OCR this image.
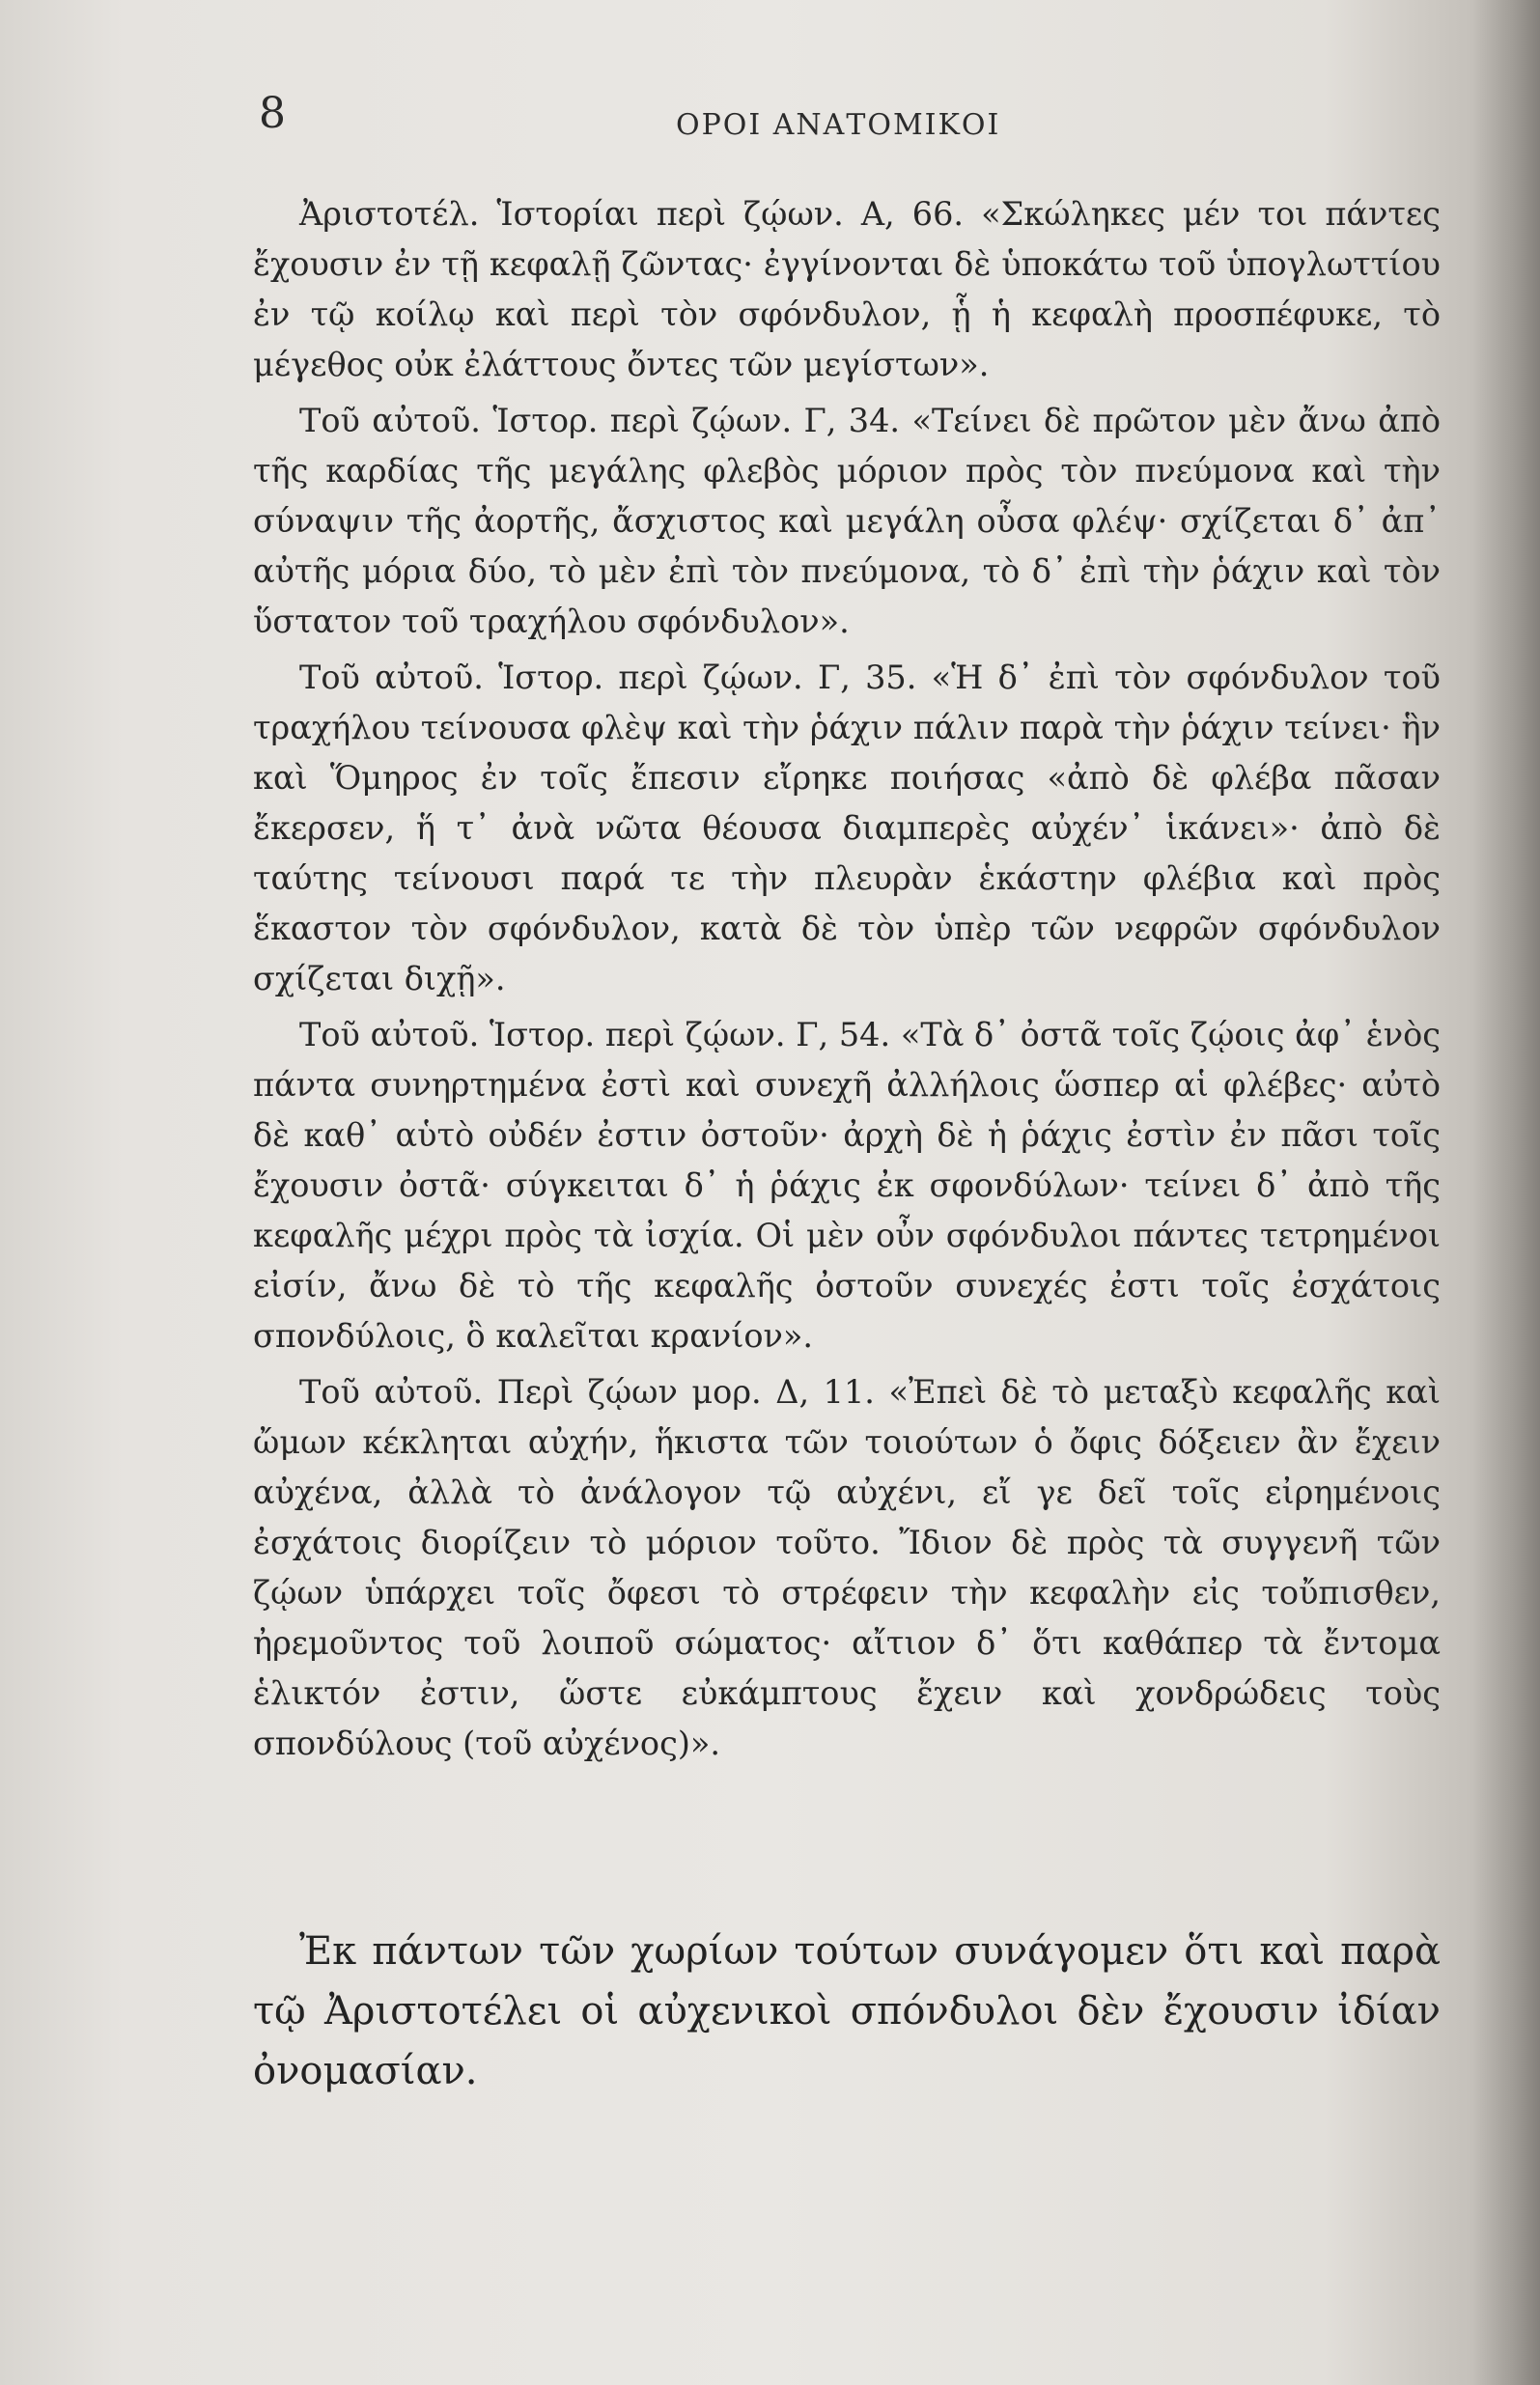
8	ΟΡΟΙ ΑΝΑΤΟΜΙΚΟΙ

Ἀριστοτέλ. Ἱστορίαι περὶ ζῴων. Α, 66. «Σκώληκες μέν τοι πάντες ἔχουσιν ἐν τῇ κεφαλῇ ζῶντας· ἐγγίνονται δὲ ὑποκάτω τοῦ ὑπογλωττίου ἐν τῷ κοίλῳ καὶ περὶ τὸν σφόνδυλον, ᾗ ἡ κεφαλὴ προσπέφυκε, τὸ μέγεθος οὐκ ἐλάττους ὄντες τῶν μεγίστων».

Τοῦ αὐτοῦ. Ἱστορ. περὶ ζῴων. Γ, 34. «Τείνει δὲ πρῶτον μὲν ἄνω ἀπὸ τῆς καρδίας τῆς μεγάλης φλεβὸς μόριον πρὸς τὸν πνεύμονα καὶ τὴν σύναψιν τῆς ἀορτῆς, ἄσχιστος καὶ μεγάλη οὖσα φλέψ· σχίζεται δ᾽ ἀπ᾽ αὐτῆς μόρια δύο, τὸ μὲν ἐπὶ τὸν πνεύμονα, τὸ δ᾽ ἐπὶ τὴν ῥάχιν καὶ τὸν ὕστατον τοῦ τραχήλου σφόνδυλον».

Τοῦ αὐτοῦ. Ἱστορ. περὶ ζῴων. Γ, 35. «Ἡ δ᾽ ἐπὶ τὸν σφόνδυλον τοῦ τραχήλου τείνουσα φλὲψ καὶ τὴν ῥάχιν πάλιν παρὰ τὴν ῥάχιν τείνει· ἣν καὶ Ὅμηρος ἐν τοῖς ἔπεσιν εἴρηκε ποιήσας «ἀπὸ δὲ φλέβα πᾶσαν ἔκερσεν, ἥ τ᾽ ἀνὰ νῶτα θέουσα διαμπερὲς αὐχέν᾽ ἱκάνει»· ἀπὸ δὲ ταύτης τείνουσι παρά τε τὴν πλευρὰν ἑκάστην φλέβια καὶ πρὸς ἕκαστον τὸν σφόνδυλον, κατὰ δὲ τὸν ὑπὲρ τῶν νεφρῶν σφόνδυλον σχίζεται διχῇ».

Τοῦ αὐτοῦ. Ἱστορ. περὶ ζῴων. Γ, 54. «Τὰ δ᾽ ὀστᾶ τοῖς ζῴοις ἀφ᾽ ἑνὸς πάντα συνηρτημένα ἐστὶ καὶ συνεχῆ ἀλλήλοις ὥσπερ αἱ φλέβες· αὐτὸ δὲ καθ᾽ αὑτὸ οὐδέν ἐστιν ὀστοῦν· ἀρχὴ δὲ ἡ ῥάχις ἐστὶν ἐν πᾶσι τοῖς ἔχουσιν ὀστᾶ· σύγκειται δ᾽ ἡ ῥάχις ἐκ σφονδύλων· τείνει δ᾽ ἀπὸ τῆς κεφαλῆς μέχρι πρὸς τὰ ἰσχία. Οἱ μὲν οὖν σφόνδυλοι πάντες τετρημένοι εἰσίν, ἄνω δὲ τὸ τῆς κεφαλῆς ὀστοῦν συνεχές ἐστι τοῖς ἐσχάτοις σπονδύλοις, ὃ καλεῖται κρανίον».

Τοῦ αὐτοῦ. Περὶ ζῴων μορ. Δ, 11. «Ἐπεὶ δὲ τὸ μεταξὺ κεφαλῆς καὶ ὤμων κέκληται αὐχήν, ἥκιστα τῶν τοιούτων ὁ ὄφις δόξειεν ἂν ἔχειν αὐχένα, ἀλλὰ τὸ ἀνάλογον τῷ αὐχένι, εἴ γε δεῖ τοῖς εἰρημένοις ἐσχάτοις διορίζειν τὸ μόριον τοῦτο. Ἴδιον δὲ πρὸς τὰ συγγενῆ τῶν ζῴων ὑπάρχει τοῖς ὄφεσι τὸ στρέφειν τὴν κεφαλὴν εἰς τοὔπισθεν, ἠρεμοῦντος τοῦ λοιποῦ σώματος· αἴτιον δ᾽ ὅτι καθάπερ τὰ ἔντομα ἑλικτόν ἐστιν, ὥστε εὐκάμπτους ἔχειν καὶ χονδρώδεις τοὺς σπονδύλους (τοῦ αὐχένος)».

Ἐκ πάντων τῶν χωρίων τούτων συνάγομεν ὅτι καὶ παρὰ τῷ Ἀριστοτέλει οἱ αὐχενικοὶ σπόνδυλοι δὲν ἔχουσιν ἰδίαν ὀνομασίαν.
